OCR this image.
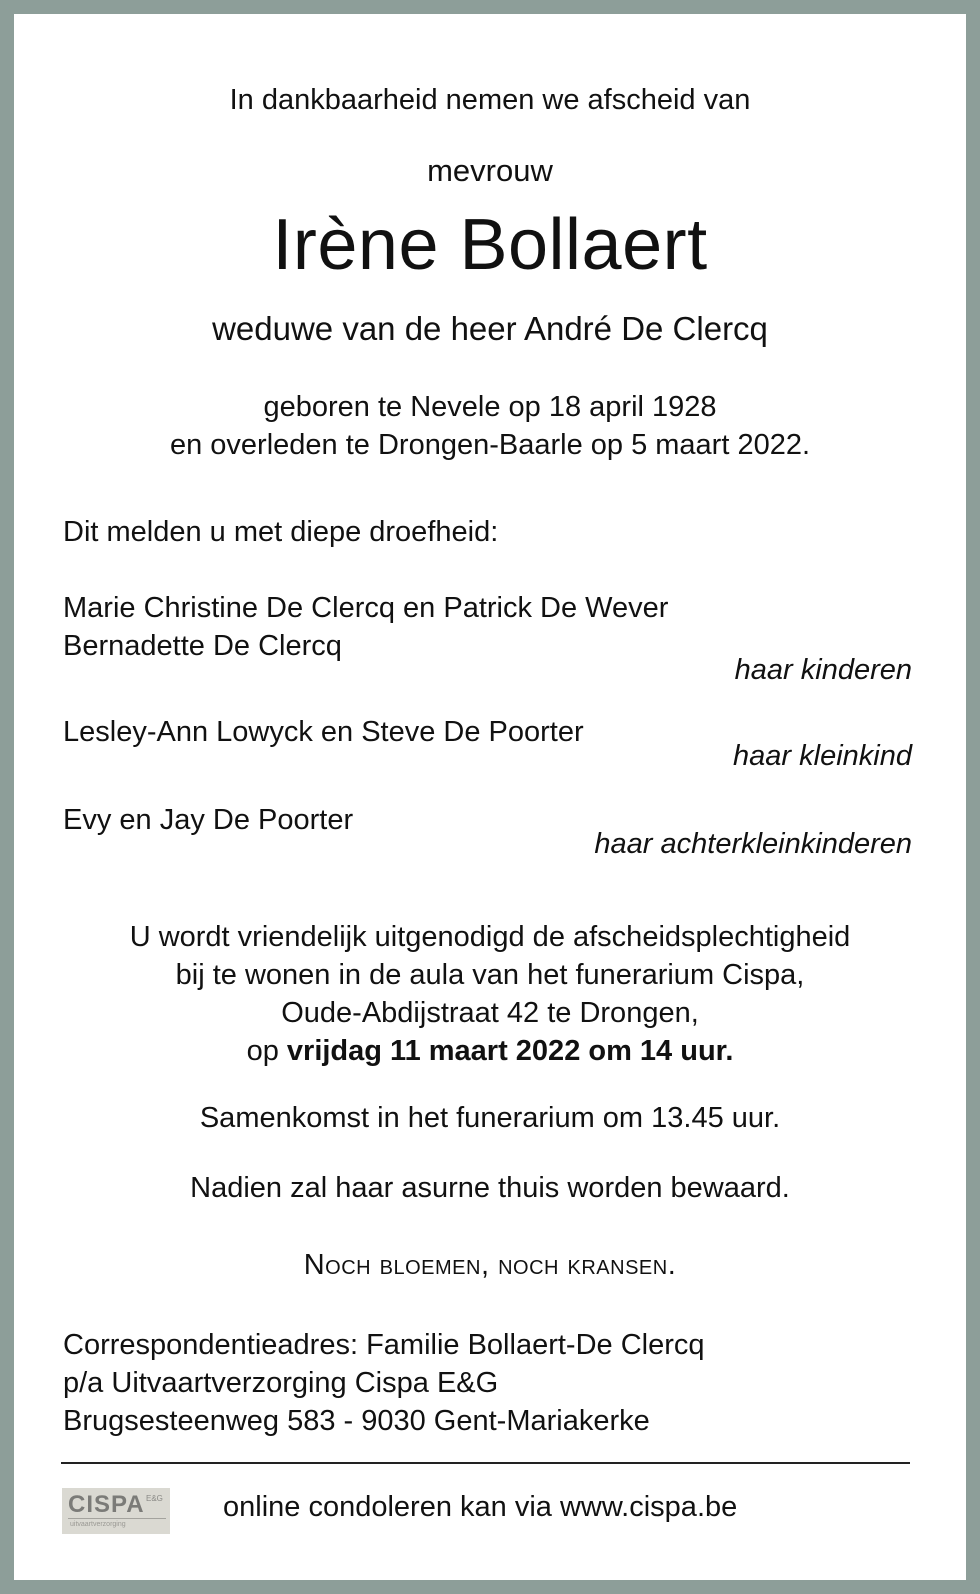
In dankbaarheid nemen we afscheid van
mevrouw
Irène Bollaert
weduwe van de heer André De Clercq
geboren te Nevele op 18 april 1928
en overleden te Drongen-Baarle op 5 maart 2022.
Dit melden u met diepe droefheid:
Marie Christine De Clercq en Patrick De Wever
Bernadette De Clercq
haar kinderen
Lesley-Ann Lowyck en Steve De Poorter
haar kleinkind
Evy en Jay De Poorter
haar achterkleinkinderen
U wordt vriendelijk uitgenodigd de afscheidsplechtigheid
bij te wonen in de aula van het funerarium Cispa,
Oude-Abdijstraat 42 te Drongen,
op vrijdag 11 maart 2022 om 14 uur.
Samenkomst in het funerarium om 13.45 uur.
Nadien zal haar asurne thuis worden bewaard.
Noch bloemen, noch kransen.
Correspondentieadres: Familie Bollaert-De Clercq
p/a Uitvaartverzorging Cispa E&G
Brugsesteenweg 583 - 9030 Gent-Mariakerke
CISPA E&G
uitvaartverzorging
online condoleren kan via www.cispa.be
